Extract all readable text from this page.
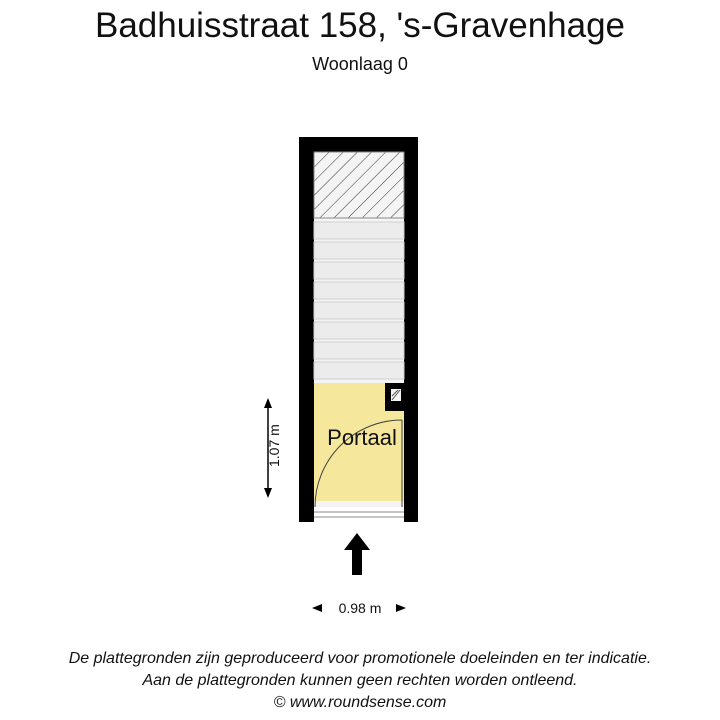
Badhuisstraat 158, 's-Gravenhage
Woonlaag 0
Portaal
1.07 m
0.98 m
De plattegronden zijn geproduceerd voor promotionele doeleinden en ter indicatie.
Aan de plattegronden kunnen geen rechten worden ontleend.
© www.roundsense.com
